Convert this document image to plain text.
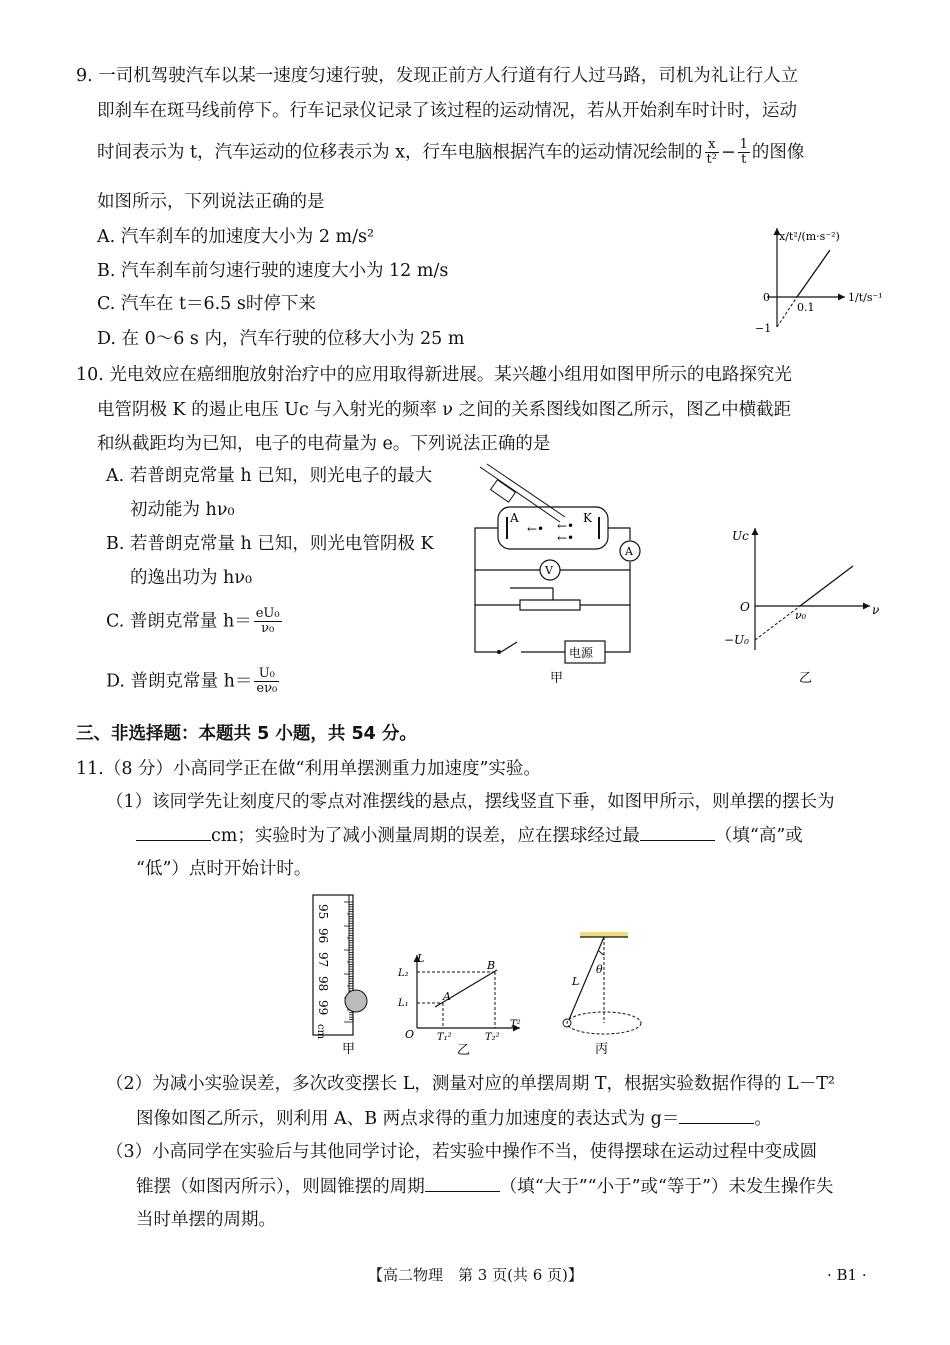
9. 一司机驾驶汽车以某一速度匀速行驶，发现正前方人行道有行人过马路，司机为礼让行人立
即刹车在斑马线前停下。行车记录仪记录了该过程的运动情况，若从开始刹车时计时，运动
时间表示为 t，汽车运动的位移表示为 x，行车电脑根据汽车的运动情况绘制的 $\frac{x}{\text{t²}} - \frac{1}{t}$ 的图像
如图所示，下列说法正确的是
A. 汽车刹车的加速度大小为 2 m/s²
B. 汽车刹车前匀速行驶的速度大小为 12 m/s
C. 汽车在 t＝6.5 s时停下来
D. 在 0～6 s 内，汽车行驶的位移大小为 25 m
x/t²/(m·s⁻²)
1/t/s⁻¹
0
0.1
−1
10. 光电效应在癌细胞放射治疗中的应用取得新进展。某兴趣小组用如图甲所示的电路探究光
电管阴极 K 的遏止电压 Uc 与入射光的频率 ν 之间的关系图线如图乙所示，图乙中横截距
和纵截距均为已知，电子的电荷量为 e。下列说法正确的是
A. 若普朗克常量 h 已知，则光电子的最大
初动能为 hν₀
B. 若普朗克常量 h 已知，则光电管阴极 K
的逸出功为 hν₀
C. 普朗克常量 $h= \frac{\text{eU₀}}{\text{ν₀}}$
D. 普朗克常量 $h= \frac{\text{U₀}}{\text{eν₀}}$
A	K
←• ←•
←•
A
V
电源
甲
Uc
O	ν
ν₀
−U₀
乙
三、非选择题：本题共 5 小题，共 54 分。
11.（8 分）小高同学正在做“利用单摆测重力加速度”实验。
（1）该同学先让刻度尺的零点对准摆线的悬点，摆线竖直下垂，如图甲所示，则单摆的摆长为
cm；实验时为了减小测量周期的误差，应在摆球经过最	（填“高”或
“低”）点时开始计时。
95
96
97
98
99
cm
甲
L
L₂
L₁
O T₁²	T₂²
T²
A
B
乙
θ
L
丙
（2）为减小实验误差，多次改变摆长 L，测量对应的单摆周期 T，根据实验数据作得的 L－T²
图像如图乙所示，则利用 A、B 两点求得的重力加速度的表达式为 g＝	。
（3）小高同学在实验后与其他同学讨论，若实验中操作不当，使得摆球在运动过程中变成圆
锥摆（如图丙所示），则圆锥摆的周期	（填“大于”“小于”或“等于”）未发生操作失
当时单摆的周期。
【高二物理　第 3 页(共 6 页)】	· B1 ·
